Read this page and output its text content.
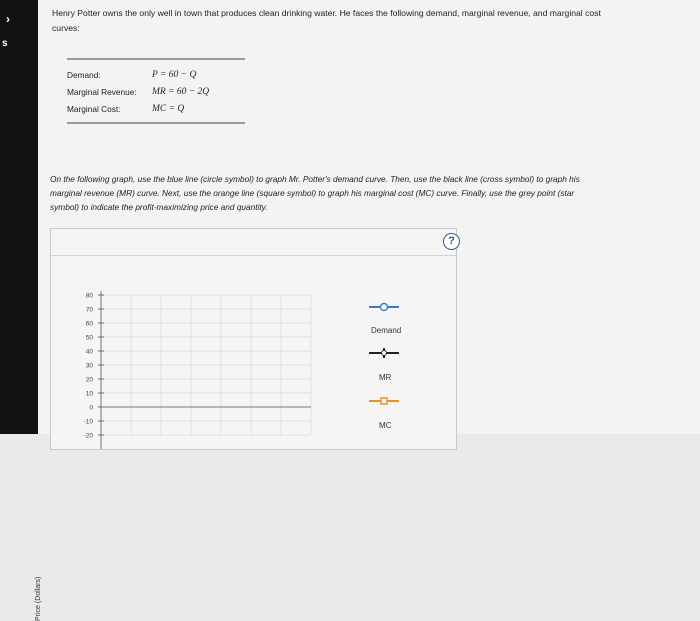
›
s
Henry Potter owns the only well in town that produces clean drinking water. He faces the following demand, marginal revenue, and marginal cost
curves:
Demand:	P = 60 − Q
Marginal Revenue:	MR = 60 − 2Q
Marginal Cost:	MC = Q
On the following graph, use the blue line (circle symbol) to graph Mr. Potter's demand curve. Then, use the black line (cross symbol) to graph his
marginal revenue (MR) curve. Next, use the orange line (square symbol) to graph his marginal cost (MC) curve. Finally, use the grey point (star
symbol) to indicate the profit-maximizing price and quantity.
?
80
70
60
50
40
30
20
10
0
-10
-20
Demand
MR
MC
Price (Dollars)
